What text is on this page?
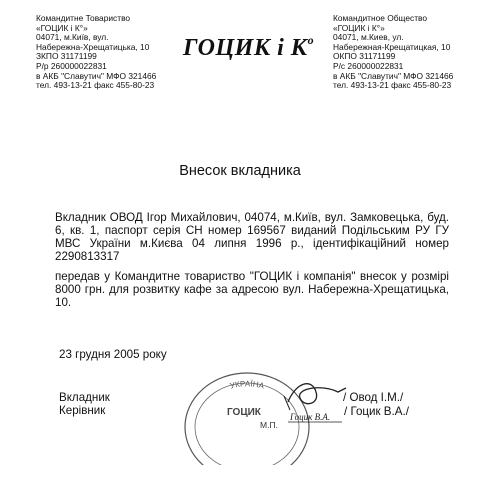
Командитне Товариство
«ГОЦИК і К°»
04071, м.Київ, вул.
Набережна-Хрещатицька, 10
ЗКПО 31171199
Р/р 260000022831
в АКБ "Славутич" МФО 321466
тел. 493-13-21 факс 455-80-23
ГОЦИК і $К^о$
Командитное Общество
«ГОЦИК і К°»
04071, м.Киев, ул.
Набережная-Крещатицкая, 10
ОКПО 31171199
Р/с 260000022831
в АКБ "Славутич" МФО 321466
тел. 493-13-21 факс 455-80-23
Внесок вкладника
Вкладник ОВОД Ігор Михайлович, 04074, м.Київ, вул. Замковецька, буд. 6, кв. 1, паспорт серія СН номер 169567 виданий Подільським РУ ГУ МВС України м.Києва 04 липня 1996 р., ідентифікаційний номер 2290813317
передав у Командитне товариство "ГОЦИК і компанія" внесок у розмірі 8000 грн. для розвитку кафе за адресою вул. Набережна-Хрещатицька, 10.
23 грудня 2005 року
УКРАЇНА
ГОЦИК
М.П.
Гоцик В.А.
Вкладник
Керівник
/ Овод І.М./
/ Гоцик В.А./
